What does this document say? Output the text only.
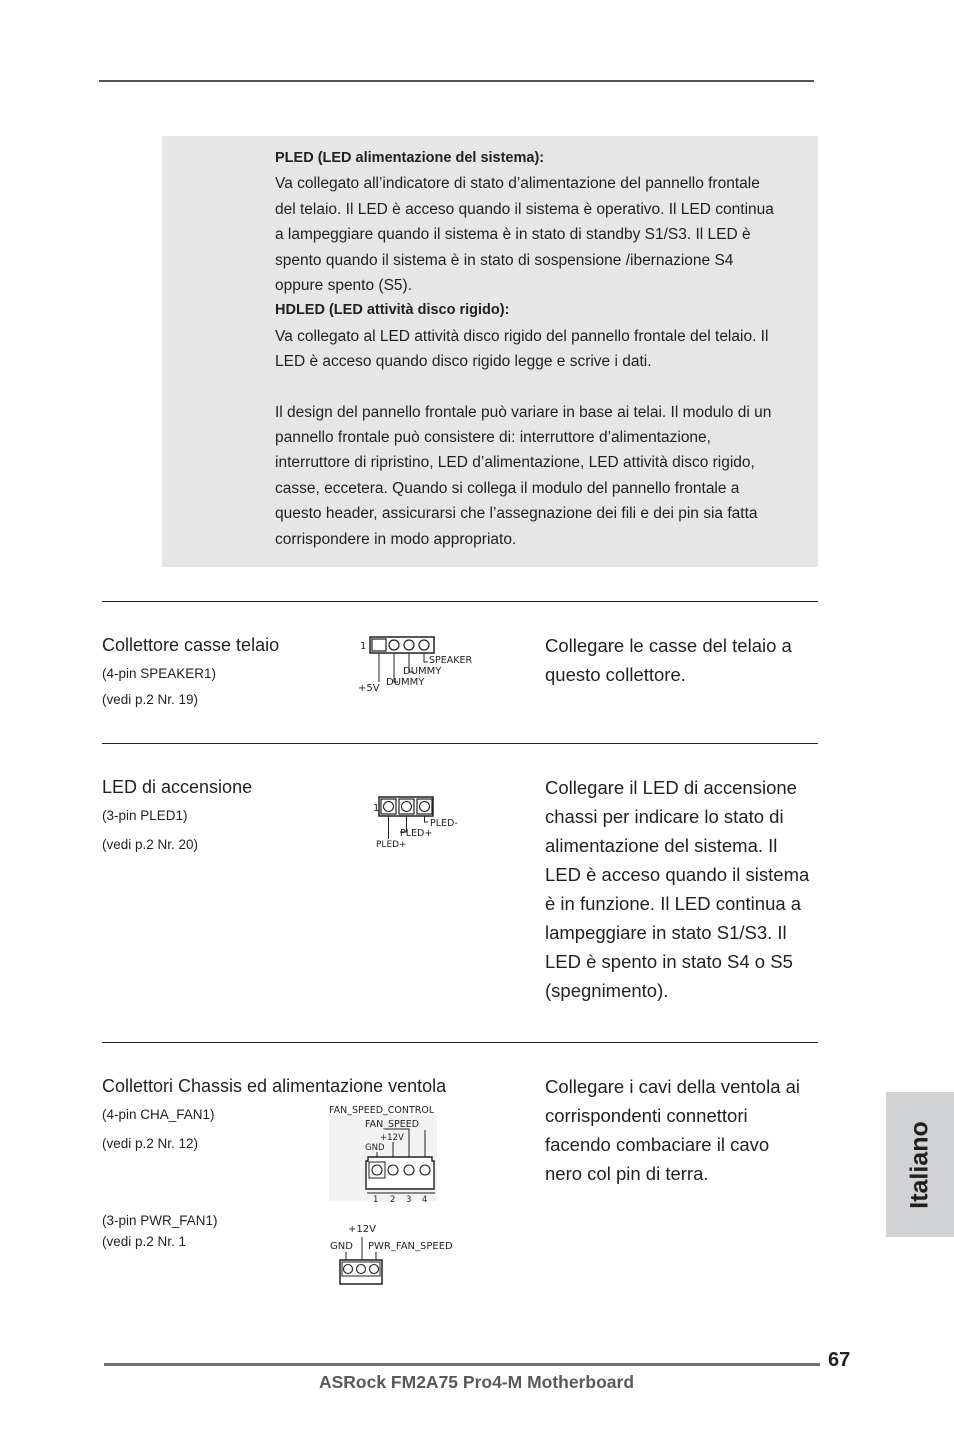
PLED (LED alimentazione del sistema):

Va collegato all’indicatore di stato d’alimentazione del pannello frontale

del telaio. Il LED è acceso quando il sistema è operativo. Il LED continua

a lampeggiare quando il sistema è in stato di standby S1/S3. Il LED è

spento quando il sistema è in stato di sospensione /ibernazione S4

oppure spento (S5).

HDLED (LED attività disco rigido):

Va collegato al LED attività disco rigido del pannello frontale del telaio. Il

LED è acceso quando disco rigido legge e scrive i dati.

Il design del pannello frontale può variare in base ai telai. Il modulo di un

pannello frontale può consistere di: interruttore d’alimentazione,

interruttore di ripristino, LED d’alimentazione, LED attività disco rigido,

casse, eccetera. Quando si collega il modulo del pannello frontale a

questo header, assicurarsi che l’assegnazione dei fili e dei pin sia fatta

corrispondere in modo appropriato.

Collettore casse telaio
(4-pin SPEAKER1)
(vedi p.2 Nr. 19)
1
SPEAKER
DUMMY
+5V
DUMMY
Collegare le casse del telaio a
questo collettore.
LED di accensione
(3-pin PLED1)
(vedi p.2 Nr. 20)
1
PLED-
PLED+
PLED+
Collegare il LED di accensione
chassi per indicare lo stato di
alimentazione del sistema. Il
LED è acceso quando il sistema
è in funzione. Il LED continua a
lampeggiare in stato S1/S3. Il
LED è spento in stato S4 o S5
(spegnimento).
Collettori Chassis ed alimentazione ventola
(4-pin CHA_FAN1)
(vedi p.2 Nr. 12)
(3-pin PWR_FAN1)
(vedi p.2 Nr. 1
FAN_SPEED_CONTROL
FAN_SPEED
+12V
GND
1 2 3 4
+12V
GND PWR_FAN_SPEED
Collegare i cavi della ventola ai
corrispondenti connettori
facendo combaciare il cavo
nero col pin di terra.	Italiano
67
ASRock FM2A75 Pro4-M Motherboard
